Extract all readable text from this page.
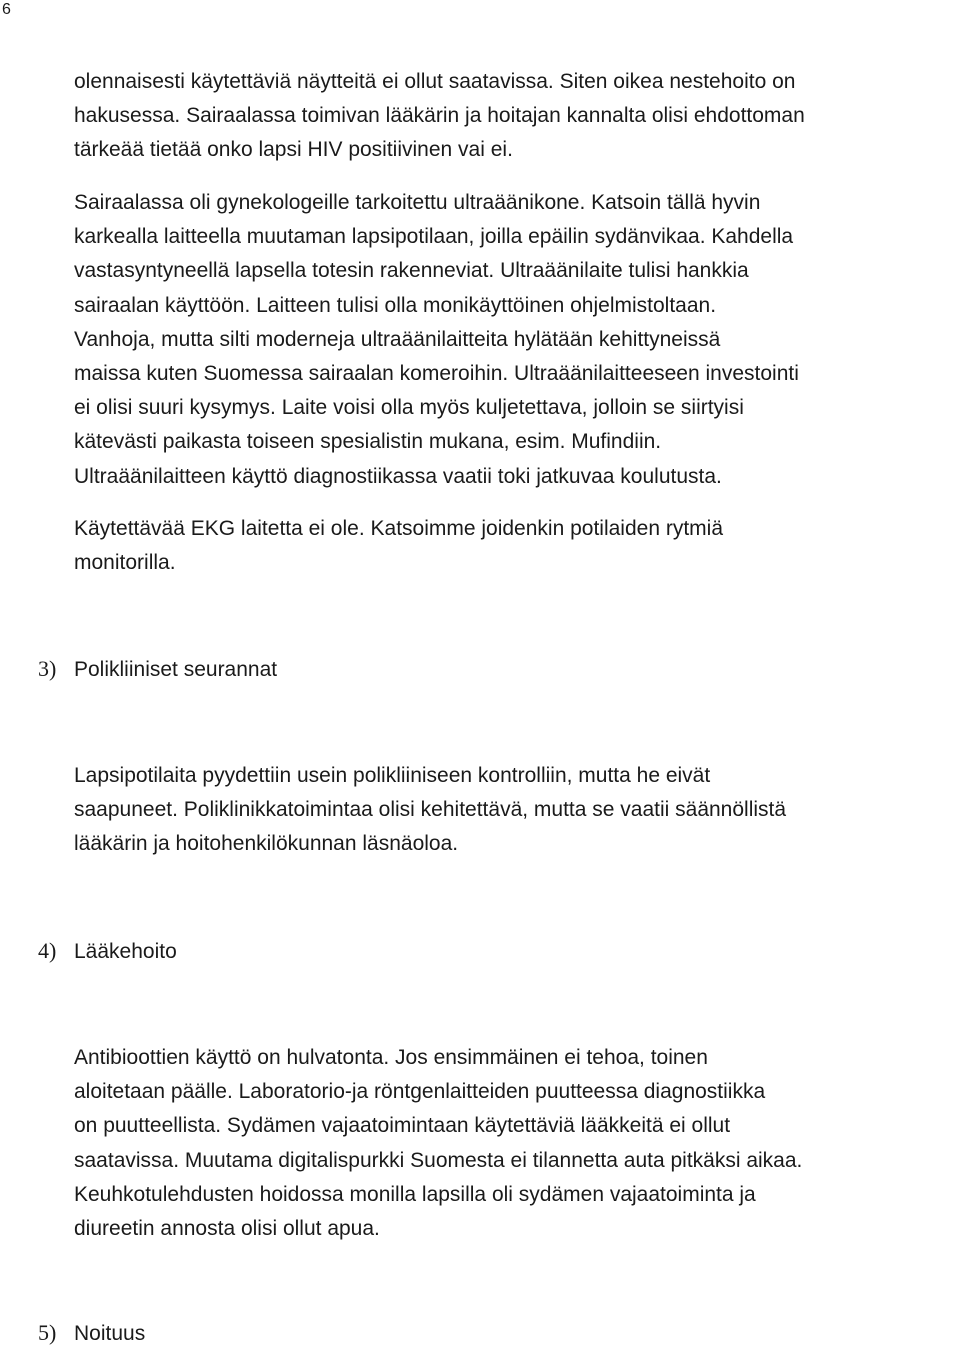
6
olennaisesti käytettäviä näytteitä ei ollut saatavissa. Siten oikea nestehoito on
hakusessa. Sairaalassa toimivan lääkärin ja hoitajan kannalta olisi ehdottoman
tärkeää tietää onko lapsi HIV positiivinen vai ei.
Sairaalassa oli gynekologeille tarkoitettu ultraäänikone. Katsoin tällä hyvin
karkealla laitteella muutaman lapsipotilaan, joilla epäilin sydänvikaa. Kahdella
vastasyntyneellä lapsella totesin rakenneviat. Ultraäänilaite tulisi hankkia
sairaalan käyttöön. Laitteen tulisi olla monikäyttöinen ohjelmistoltaan.
Vanhoja, mutta silti moderneja ultraäänilaitteita hylätään kehittyneissä
maissa kuten Suomessa sairaalan komeroihin. Ultraäänilaitteeseen investointi
ei olisi suuri kysymys. Laite voisi olla myös kuljetettava, jolloin se siirtyisi
kätevästi paikasta toiseen spesialistin mukana, esim. Mufindiin.
Ultraäänilaitteen käyttö diagnostiikassa vaatii toki jatkuvaa koulutusta.
Käytettävää EKG laitetta ei ole. Katsoimme joidenkin potilaiden rytmiä
monitorilla.
3) Polikliiniset seurannat
Lapsipotilaita pyydettiin usein polikliiniseen kontrolliin, mutta he eivät
saapuneet. Poliklinikkatoimintaa olisi kehitettävä, mutta se vaatii säännöllistä
lääkärin ja hoitohenkilökunnan läsnäoloa.
4) Lääkehoito
Antibioottien käyttö on hulvatonta. Jos ensimmäinen ei tehoa, toinen
aloitetaan päälle. Laboratorio-ja röntgenlaitteiden puutteessa diagnostiikka
on puutteellista. Sydämen vajaatoimintaan käytettäviä lääkkeitä ei ollut
saatavissa. Muutama digitalispurkki Suomesta ei tilannetta auta pitkäksi aikaa.
Keuhkotulehdusten hoidossa monilla lapsilla oli sydämen vajaatoiminta ja
diureetin annosta olisi ollut apua.
5) Noituus
